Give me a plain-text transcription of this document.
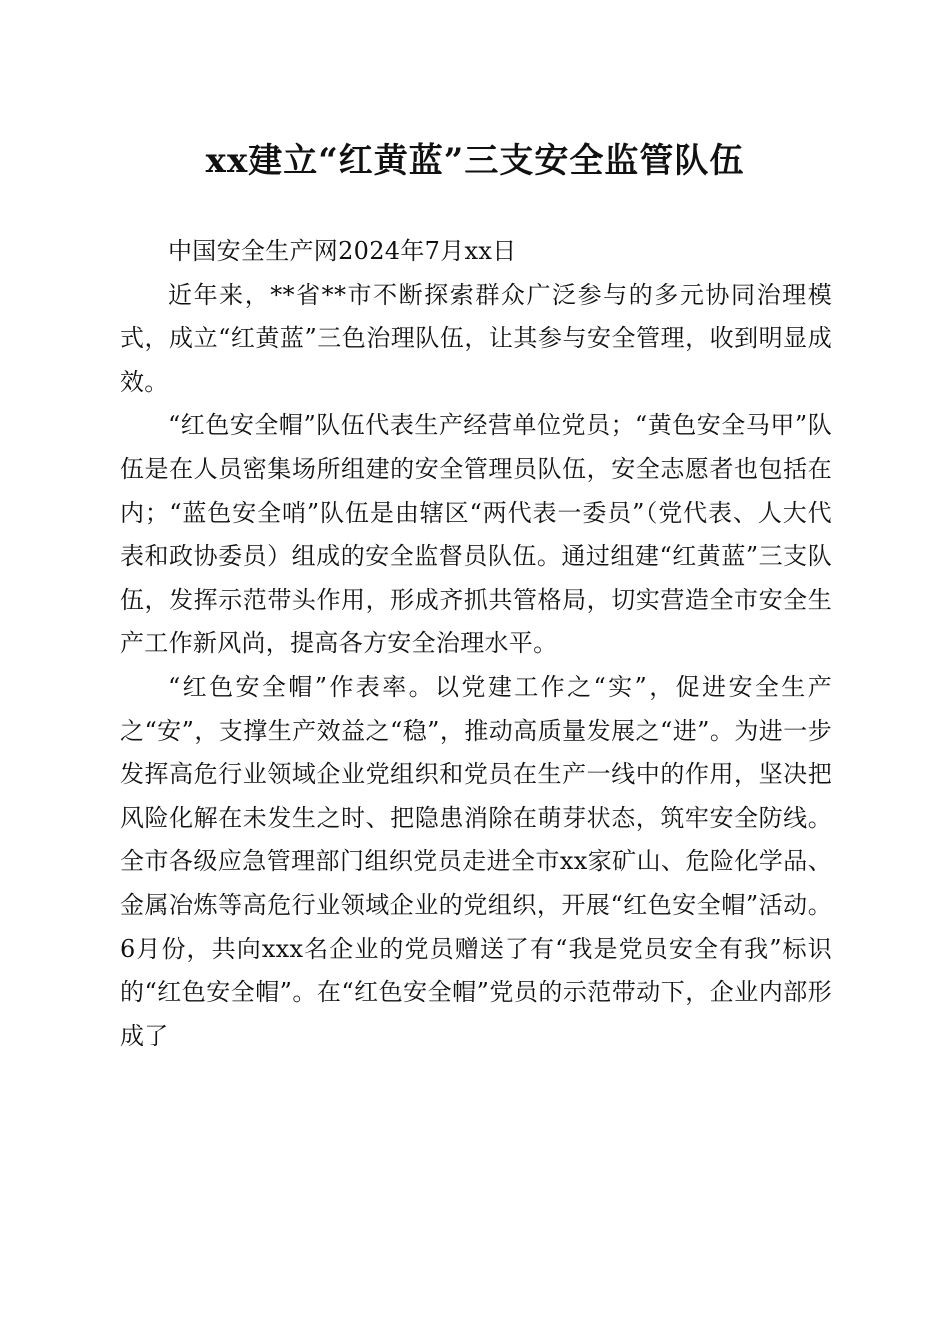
xx建立“红黄蓝”三支安全监管队伍

中国安全生产网2024年7月xx日

近年来，**省**市不断探索群众广泛参与的多元协同治理模式，成立“红黄蓝”三色治理队伍，让其参与安全管理，收到明显成效。

“红色安全帽”队伍代表生产经营单位党员；“黄色安全马甲”队伍是在人员密集场所组建的安全管理员队伍，安全志愿者也包括在内；“蓝色安全哨”队伍是由辖区“两代表一委员”（党代表、人大代表和政协委员）组成的安全监督员队伍。通过组建“红黄蓝”三支队伍，发挥示范带头作用，形成齐抓共管格局，切实营造全市安全生产工作新风尚，提高各方安全治理水平。

“红色安全帽”作表率。以党建工作之“实”，促进安全生产之“安”，支撑生产效益之“稳”，推动高质量发展之“进”。为进一步发挥高危行业领域企业党组织和党员在生产一线中的作用，坚决把风险化解在未发生之时、把隐患消除在萌芽状态，筑牢安全防线。全市各级应急管理部门组织党员走进全市xx家矿山、危险化学品、金属冶炼等高危行业领域企业的党组织，开展“红色安全帽”活动。6月份，共向xxx名企业的党员赠送了有“我是党员安全有我”标识的“红色安全帽”。在“红色安全帽”党员的示范带动下，企业内部形成了
